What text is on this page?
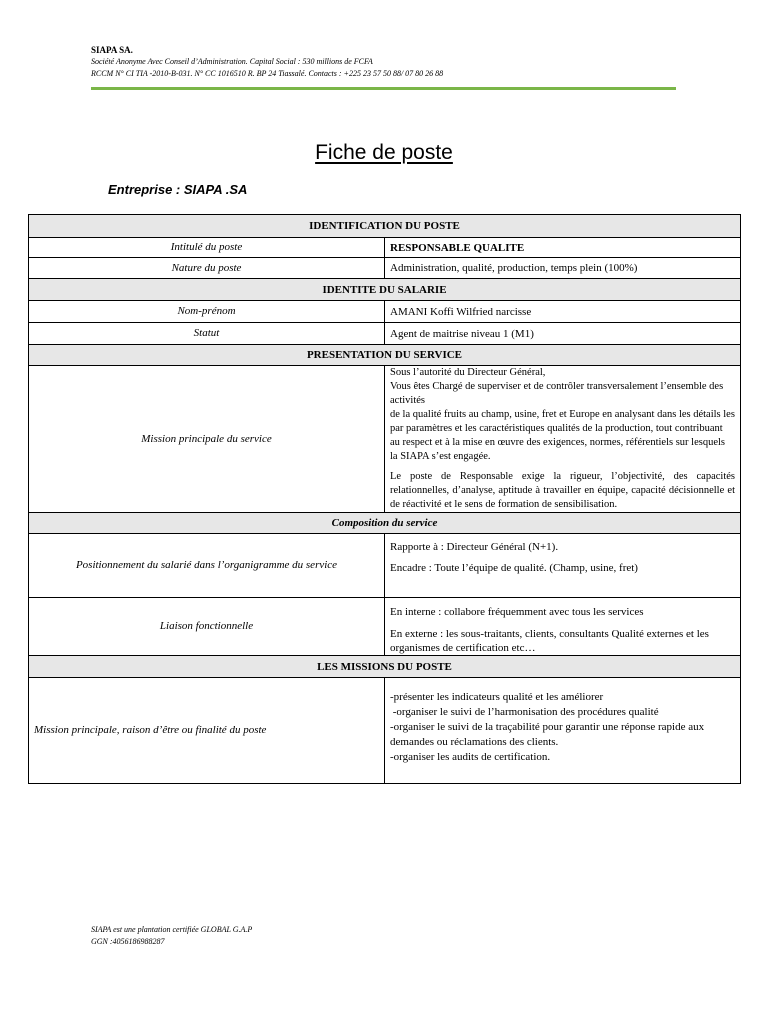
SIAPA SA.
Société Anonyme Avec Conseil d’Administration. Capital Social : 530 millions de FCFA
RCCM N° CI TIA -2010-B-031. N° CC 1016510 R. BP 24 Tiassalé. Contacts : +225 23 57 50 88/ 07 80 26 88
Fiche de poste
Entreprise : SIAPA .SA
IDENTIFICATION DU POSTE	
Intitulé du poste	RESPONSABLE QUALITE
Nature du poste	Administration, qualité, production, temps plein (100%)
IDENTITE DU SALARIE	
Nom-prénom	AMANI Koffi Wilfried narcisse
Statut	Agent de maitrise niveau 1 (M1)
PRESENTATION DU SERVICE	
Mission principale du service	Sous l’autorité du Directeur Général,

Vous êtes Chargé de superviser et de contrôler transversalement l’ensemble des activités

de la qualité fruits au champ, usine, fret et Europe en analysant dans les détails les par paramètres et les caractéristiques qualités de la production, tout contribuant au respect et à la mise en œuvre des exigences, normes, référentiels sur lesquels la SIAPA s’est engagée.

Le poste de Responsable exige la rigueur, l’objectivité, des capacités relationnelles, d’analyse, aptitude à travailler en équipe, capacité décisionnelle et de réactivité et le sens de formation de sensibilisation.

Composition du service	
Positionnement du salarié dans l’organigramme du service	Rapporte à : Directeur Général (N+1).

Encadre : Toute l’équipe de qualité. (Champ, usine, fret)

Liaison fonctionnelle	En interne : collabore fréquemment avec tous les services

En externe : les sous-traitants, clients, consultants Qualité externes et les organismes de certification etc…

LES MISSIONS DU POSTE	
Mission principale, raison d’être ou finalité du poste	-présenter les indicateurs qualité et les améliorer

-organiser le suivi de l’harmonisation des procédures qualité

-organiser le suivi de la traçabilité pour garantir une réponse rapide aux demandes ou réclamations des clients.

-organiser les audits de certification.

SIAPA est une plantation certifiée GLOBAL G.A.P
GGN :4056186988287
